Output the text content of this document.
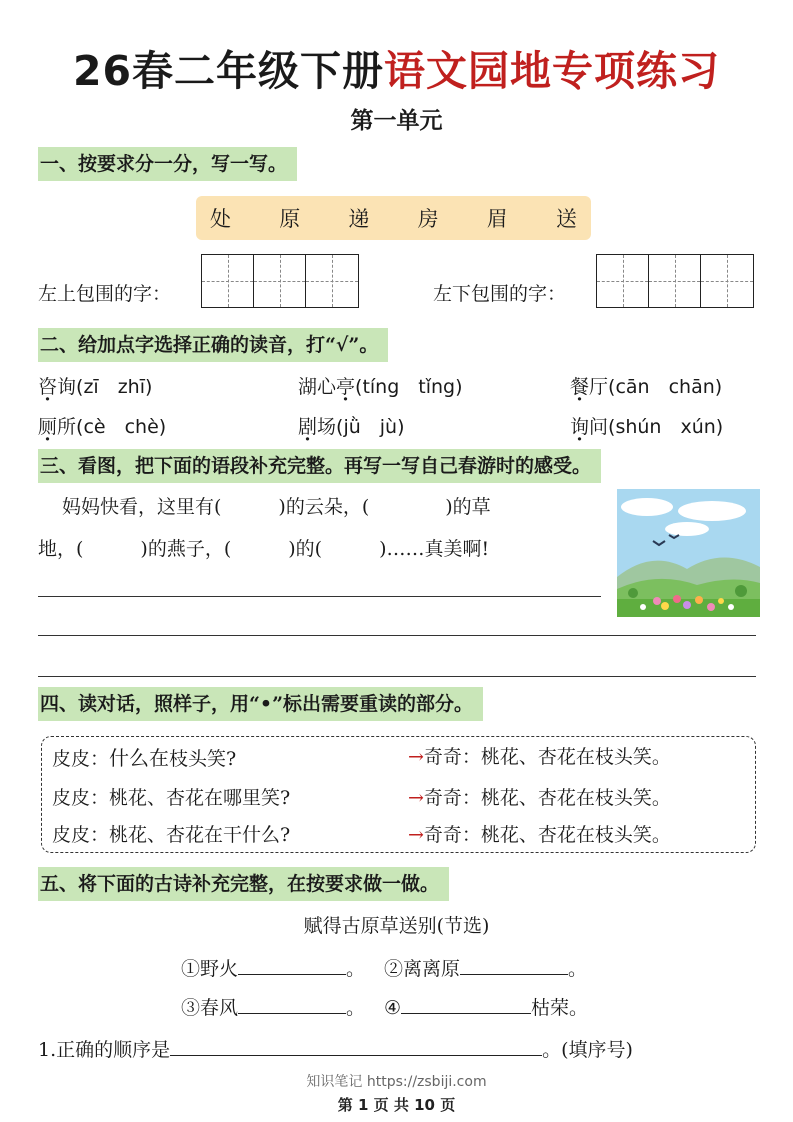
26春二年级下册语文园地专项练习
第一单元
一、按要求分一分，写一写。
处 原 递 房 眉 送
左上包围的字：	左下包围的字：
二、给加点字选择正确的读音，打“√”。
咨询(zī　zhī)	湖心亭(tíng　tǐng)	餐厅(cān　chān)
厕所(cè　chè)	剧场(jǜ　jù)	询问(shún　xún)
三、看图，把下面的语段补充完整。再写一写自己春游时的感受。
妈妈快看，这里有(　　　)的云朵，(　　　　)的草
地，(　　　)的燕子，(　　　)的(　　　)……真美啊!
四、读对话，照样子，用“•”标出需要重读的部分。
皮皮：什么在枝头笑?	→奇奇：桃花、杏花在枝头笑。
皮皮：桃花、杏花在哪里笑?	→奇奇：桃花、杏花在枝头笑。
皮皮：桃花、杏花在干什么?	→奇奇：桃花、杏花在枝头笑。
五、将下面的古诗补充完整，在按要求做一做。
赋得古原草送别(节选)
①野火	。 ②离离原	。
③春风	。 ④	枯荣。
1.正确的顺序是	。(填序号)
知识笔记 https://zsbiji.com
第 1 页 共 10 页
